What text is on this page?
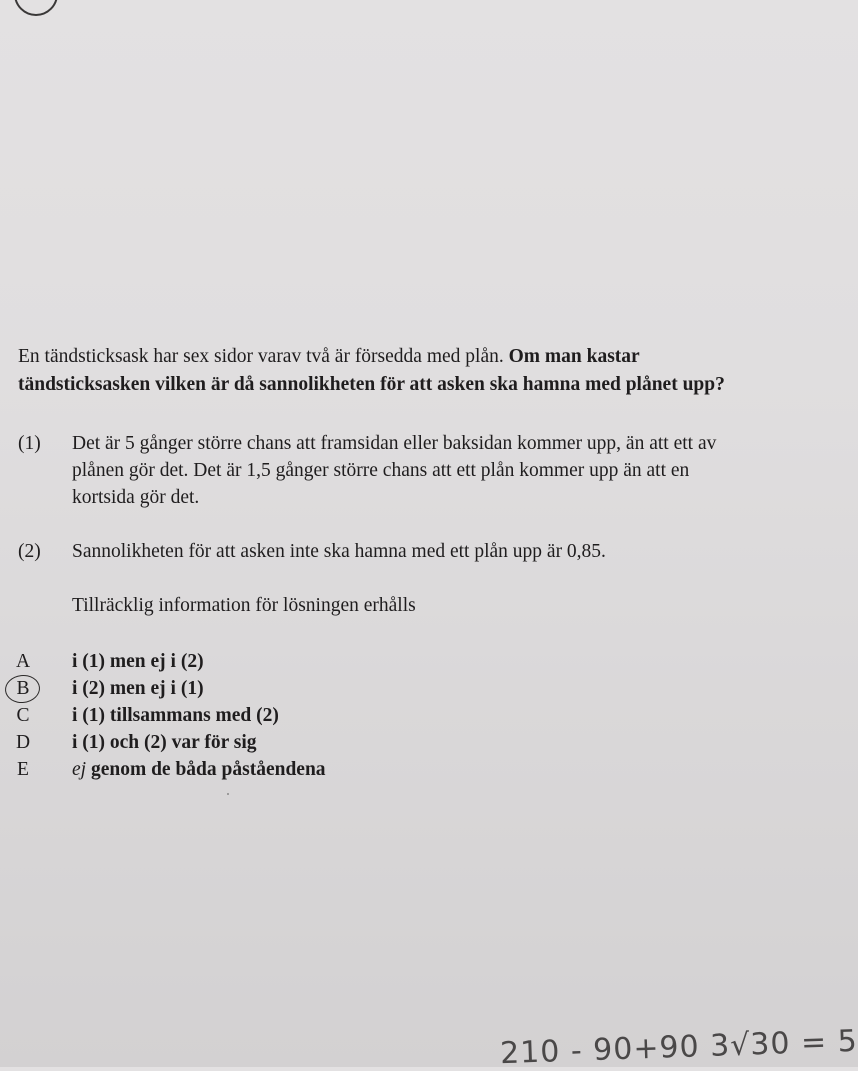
En tändsticksask har sex sidor varav två är försedda med plån. Om man kastar
tändsticksasken vilken är då sannolikheten för att asken ska hamna med plånet upp?
(1) Det är 5 gånger större chans att framsidan eller baksidan kommer upp, än att ett av
plånen gör det. Det är 1,5 gånger större chans att ett plån kommer upp än att en
kortsida gör det.
(2) Sannolikheten för att asken inte ska hamna med ett plån upp är 0,85.
Tillräcklig information för lösningen erhålls
A i (1) men ej i (2)
B i (2) men ej i (1)
C i (1) tillsammans med (2)
D i (1) och (2) var för sig
E ej genom de båda påståendena
210 - 90+90 3√30 = 5
